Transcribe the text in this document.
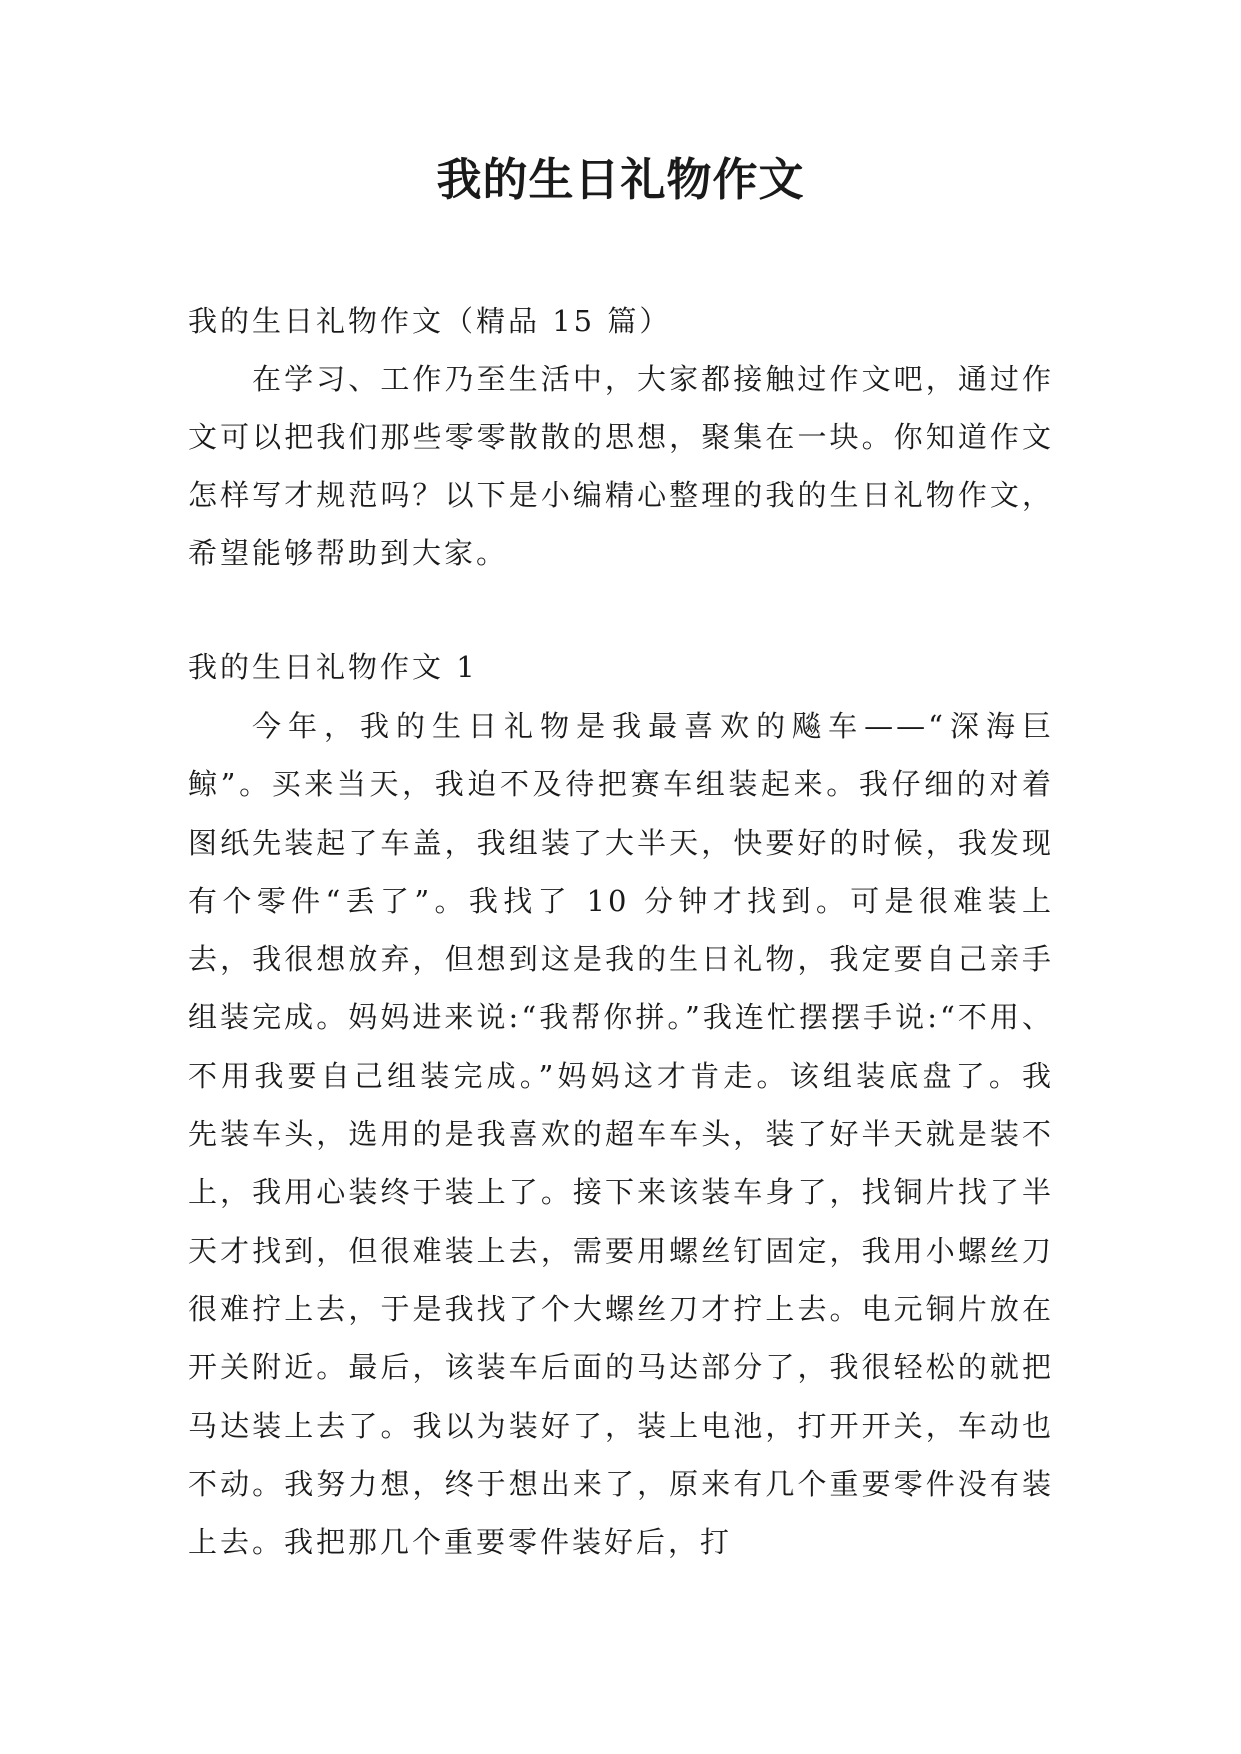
我的生日礼物作文

我的生日礼物作文（精品 15 篇）

在学习、工作乃至生活中，大家都接触过作文吧，通过作文可以把我们那些零零散散的思想，聚集在一块。你知道作文怎样写才规范吗？以下是小编精心整理的我的生日礼物作文，希望能够帮助到大家。

我的生日礼物作文 1

今年，我的生日礼物是我最喜欢的飚车——“深海巨鲸”。买来当天，我迫不及待把赛车组装起来。我仔细的对着图纸先装起了车盖，我组装了大半天，快要好的时候，我发现有个零件“丢了”。我找了 10 分钟才找到。可是很难装上去，我很想放弃，但想到这是我的生日礼物，我定要自己亲手组装完成。妈妈进来说:“我帮你拼。”我连忙摆摆手说:“不用、不用我要自己组装完成。”妈妈这才肯走。该组装底盘了。我先装车头，选用的是我喜欢的超车车头，装了好半天就是装不上，我用心装终于装上了。接下来该装车身了，找铜片找了半天才找到，但很难装上去，需要用螺丝钉固定，我用小螺丝刀很难拧上去，于是我找了个大螺丝刀才拧上去。电元铜片放在开关附近。最后，该装车后面的马达部分了，我很轻松的就把马达装上去了。我以为装好了，装上电池，打开开关，车动也不动。我努力想，终于想出来了，原来有几个重要零件没有装上去。我把那几个重要零件装好后，打
